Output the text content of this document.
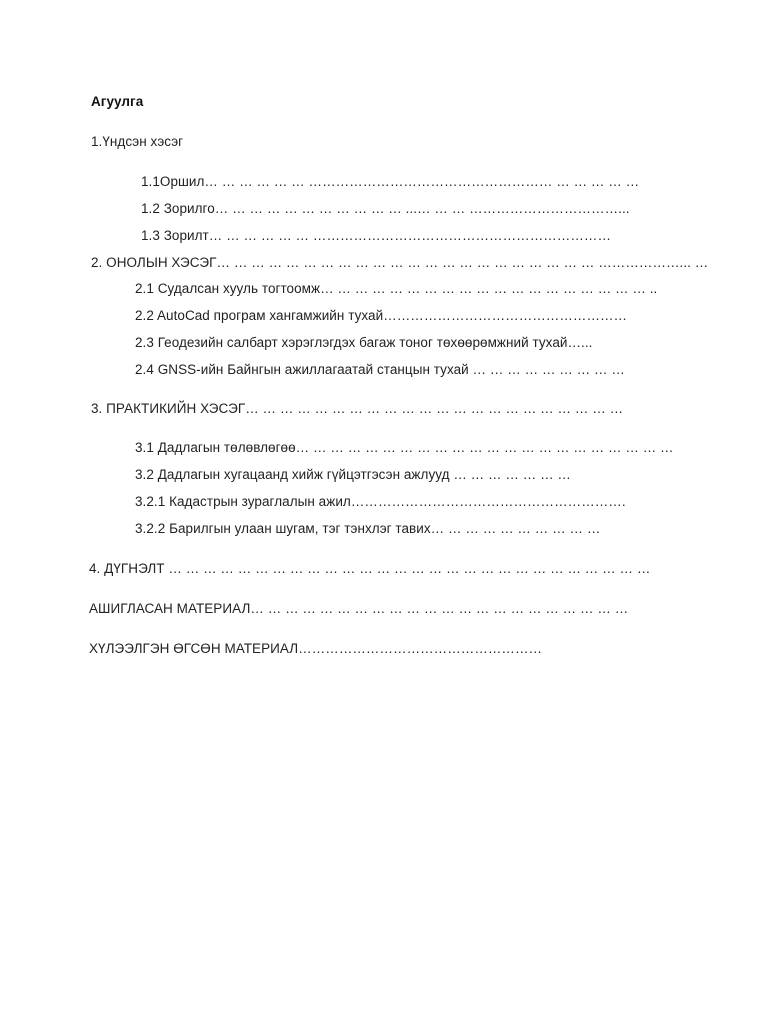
Агуулга
1.Үндсэн хэсэг
1.1Оршил… … … … … … ……………………………………………… … … … … …
1.2 Зорилго… … … … … … … … … … … ...… … … ……………………………...
1.3 Зорилт… … … … … … …………………………………………………………
2. ОНОЛЫН ХЭСЭГ… … … … … … … … … … … … … … … … … … … … … … ………………... …
2.1 Судалсан хууль тогтоомж… … … … … … … … … … … … … … … … … … … ..
2.2 AutoCad програм хангамжийн тухай………………………………………………
2.3 Геодезийн салбарт хэрэглэгдэх багаж тоног төхөөрөмжний тухай…...
2.4 GNSS-ийн Байнгын ажиллагаатай станцын тухай … … … … … … … … …
3. ПРАКТИКИЙН ХЭСЭГ… … … … … … … … … … … … … … … … … … … … … …
3.1 Дадлагын төлөвлөгөө… … … … … … … … … … … … … … … … … … … … … …
3.2 Дадлагын хугацаанд хийж гүйцэтгэсэн ажлууд … … … … … … …
3.2.1 Кадастрын зураглалын ажил…………………………………………………….
3.2.2 Барилгын улаан шугам, тэг тэнхлэг тавих… … … … … … … … … …
4. ДҮГНЭЛТ … … … … … … … … … … … … … … … … … … … … … … … … … … … …
АШИГЛАСАН МАТЕРИАЛ… … … … … … … … … … … … … … … … … … … … … …
ХҮЛЭЭЛГЭН ӨГСӨН МАТЕРИАЛ………………………………………………
